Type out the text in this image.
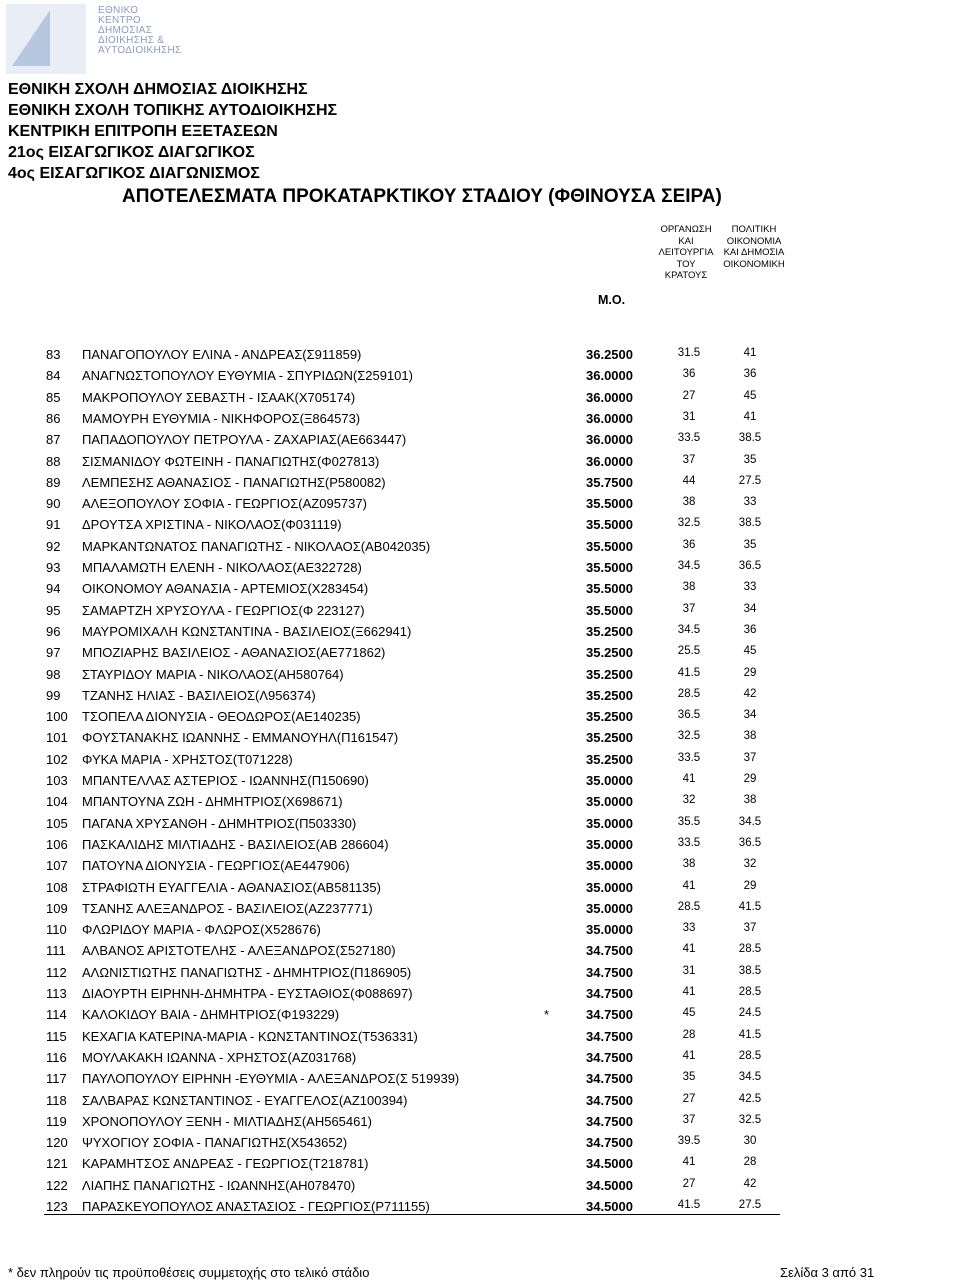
ΕΘΝΙΚΟ
ΚΕΝΤΡΟ
ΔΗΜΟΣΙΑΣ
ΔΙΟΙΚΗΣΗΣ &
ΑΥΤΟΔΙΟΙΚΗΣΗΣ
ΕΘΝΙΚΗ ΣΧΟΛΗ ΔΗΜΟΣΙΑΣ ΔΙΟΙΚΗΣΗΣ
ΕΘΝΙΚΗ ΣΧΟΛΗ ΤΟΠΙΚΗΣ ΑΥΤΟΔΙΟΙΚΗΣΗΣ
ΚΕΝΤΡΙΚΗ ΕΠΙΤΡΟΠΗ ΕΞΕΤΑΣΕΩΝ
21ος ΕΙΣΑΓΩΓΙΚΟΣ ΔΙΑΓΩΓΙΚΟΣ
4ος ΕΙΣΑΓΩΓΙΚΟΣ ΔΙΑΓΩΝΙΣΜΟΣ
ΑΠΟΤΕΛΕΣΜΑΤΑ ΠΡΟΚΑΤΑΡΚΤΙΚΟΥ ΣΤΑΔΙΟΥ (ΦΘΙΝΟΥΣΑ ΣΕΙΡΑ)
ΟΡΓΑΝΩΣΗ ΚΑΙ
ΛΕΙΤΟΥΡΓΙΑ
ΤΟΥ ΚΡΑΤΟΥΣ
ΠΟΛΙΤΙΚΗ
ΟΙΚΟΝΟΜΙΑ
ΚΑΙ ΔΗΜΟΣΙΑ
ΟΙΚΟΝΟΜΙΚΗ
Μ.Ο.
83 ΠΑΝΑΓΟΠΟΥΛΟΥ ΕΛΙΝΑ - ΑΝΔΡΕΑΣ(Σ911859)	36.2500	31.5	41
84 ΑΝΑΓΝΩΣΤΟΠΟΥΛΟΥ ΕΥΘΥΜΙΑ - ΣΠΥΡΙΔΩΝ(Σ259101)	36.0000	36	36
85 ΜΑΚΡΟΠΟΥΛΟΥ ΣΕΒΑΣΤΗ - ΙΣΑΑΚ(Χ705174)	36.0000	27	45
86 ΜΑΜΟΥΡΗ ΕΥΘΥΜΙΑ - ΝΙΚΗΦΟΡΟΣ(Ξ864573)	36.0000	31	41
87 ΠΑΠΑΔΟΠΟΥΛΟΥ ΠΕΤΡΟΥΛΑ - ΖΑΧΑΡΙΑΣ(ΑΕ663447)	36.0000	33.5	38.5
88 ΣΙΣΜΑΝΙΔΟΥ ΦΩΤΕΙΝΗ - ΠΑΝΑΓΙΩΤΗΣ(Φ027813)	36.0000	37	35
89 ΛΕΜΠΕΣΗΣ ΑΘΑΝΑΣΙΟΣ - ΠΑΝΑΓΙΩΤΗΣ(Ρ580082)	35.7500	44	27.5
90 ΑΛΕΞΟΠΟΥΛΟΥ ΣΟΦΙΑ - ΓΕΩΡΓΙΟΣ(ΑΖ095737)	35.5000	38	33
91 ΔΡΟΥΤΣΑ ΧΡΙΣΤΙΝΑ - ΝΙΚΟΛΑΟΣ(Φ031119)	35.5000	32.5	38.5
92 ΜΑΡΚΑΝΤΩΝΑΤΟΣ ΠΑΝΑΓΙΩΤΗΣ - ΝΙΚΟΛΑΟΣ(ΑΒ042035)	35.5000	36	35
93 ΜΠΑΛΑΜΩΤΗ ΕΛΕΝΗ - ΝΙΚΟΛΑΟΣ(ΑΕ322728)	35.5000	34.5	36.5
94 ΟΙΚΟΝΟΜΟΥ ΑΘΑΝΑΣΙΑ - ΑΡΤΕΜΙΟΣ(Χ283454)	35.5000	38	33
95 ΣΑΜΑΡΤΖΗ ΧΡΥΣΟΥΛΑ - ΓΕΩΡΓΙΟΣ(Φ 223127)	35.5000	37	34
96 ΜΑΥΡΟΜΙΧΑΛΗ ΚΩΝΣΤΑΝΤΙΝΑ - ΒΑΣΙΛΕΙΟΣ(Ξ662941)	35.2500	34.5	36
97 ΜΠΟΖΙΑΡΗΣ ΒΑΣΙΛΕΙΟΣ - ΑΘΑΝΑΣΙΟΣ(ΑΕ771862)	35.2500	25.5	45
98 ΣΤΑΥΡΙΔΟΥ ΜΑΡΙΑ - ΝΙΚΟΛΑΟΣ(ΑΗ580764)	35.2500	41.5	29
99 ΤΖΑΝΗΣ ΗΛΙΑΣ - ΒΑΣΙΛΕΙΟΣ(Λ956374)	35.2500	28.5	42
100 ΤΣΟΠΕΛΑ ΔΙΟΝΥΣΙΑ - ΘΕΟΔΩΡΟΣ(ΑΕ140235)	35.2500	36.5	34
101 ΦΟΥΣΤΑΝΑΚΗΣ ΙΩΑΝΝΗΣ - ΕΜΜΑΝΟΥΗΛ(Π161547)	35.2500	32.5	38
102 ΦΥΚΑ ΜΑΡΙΑ - ΧΡΗΣΤΟΣ(Τ071228)	35.2500	33.5	37
103 ΜΠΑΝΤΕΛΛΑΣ ΑΣΤΕΡΙΟΣ - ΙΩΑΝΝΗΣ(Π150690)	35.0000	41	29
104 ΜΠΑΝΤΟΥΝΑ ΖΩΗ - ΔΗΜΗΤΡΙΟΣ(Χ698671)	35.0000	32	38
105 ΠΑΓΑΝΑ ΧΡΥΣΑΝΘΗ - ΔΗΜΗΤΡΙΟΣ(Π503330)	35.0000	35.5	34.5
106 ΠΑΣΚΑΛΙΔΗΣ ΜΙΛΤΙΑΔΗΣ - ΒΑΣΙΛΕΙΟΣ(ΑΒ 286604)	35.0000	33.5	36.5
107 ΠΑΤΟΥΝΑ ΔΙΟΝΥΣΙΑ - ΓΕΩΡΓΙΟΣ(ΑΕ447906)	35.0000	38	32
108 ΣΤΡΑΦΙΩΤΗ ΕΥΑΓΓΕΛΙΑ - ΑΘΑΝΑΣΙΟΣ(ΑΒ581135)	35.0000	41	29
109 ΤΣΑΝΗΣ ΑΛΕΞΑΝΔΡΟΣ - ΒΑΣΙΛΕΙΟΣ(ΑΖ237771)	35.0000	28.5	41.5
110 ΦΛΩΡΙΔΟΥ ΜΑΡΙΑ - ΦΛΩΡΟΣ(Χ528676)	35.0000	33	37
111 ΑΛΒΑΝΟΣ ΑΡΙΣΤΟΤΕΛΗΣ - ΑΛΕΞΑΝΔΡΟΣ(Σ527180)	34.7500	41	28.5
112 ΑΛΩΝΙΣΤΙΩΤΗΣ ΠΑΝΑΓΙΩΤΗΣ - ΔΗΜΗΤΡΙΟΣ(Π186905)	34.7500	31	38.5
113 ΔΙΑΟΥΡΤΗ ΕΙΡΗΝΗ-ΔΗΜΗΤΡΑ - ΕΥΣΤΑΘΙΟΣ(Φ088697)	34.7500	41	28.5
114 ΚΑΛΟΚΙΔΟΥ ΒΑΙΑ - ΔΗΜΗΤΡΙΟΣ(Φ193229)	*	34.7500	45	24.5
115 ΚΕΧΑΓΙΑ ΚΑΤΕΡΙΝΑ-ΜΑΡΙΑ - ΚΩΝΣΤΑΝΤΙΝΟΣ(Τ536331)	34.7500	28	41.5
116 ΜΟΥΛΑΚΑΚΗ ΙΩΑΝΝΑ - ΧΡΗΣΤΟΣ(ΑΖ031768)	34.7500	41	28.5
117 ΠΑΥΛΟΠΟΥΛΟΥ ΕΙΡΗΝΗ -ΕΥΘΥΜΙΑ - ΑΛΕΞΑΝΔΡΟΣ(Σ 519939)	34.7500	35	34.5
118 ΣΑΛΒΑΡΑΣ ΚΩΝΣΤΑΝΤΙΝΟΣ - ΕΥΑΓΓΕΛΟΣ(ΑΖ100394)	34.7500	27	42.5
119 ΧΡΟΝΟΠΟΥΛΟΥ ΞΕΝΗ - ΜΙΛΤΙΑΔΗΣ(ΑΗ565461)	34.7500	37	32.5
120 ΨΥΧΟΓΙΟΥ ΣΟΦΙΑ - ΠΑΝΑΓΙΩΤΗΣ(Χ543652)	34.7500	39.5	30
121 ΚΑΡΑΜΗΤΣΟΣ ΑΝΔΡΕΑΣ - ΓΕΩΡΓΙΟΣ(Τ218781)	34.5000	41	28
122 ΛΙΑΠΗΣ ΠΑΝΑΓΙΩΤΗΣ - ΙΩΑΝΝΗΣ(ΑΗ078470)	34.5000	27	42
123 ΠΑΡΑΣΚΕΥΟΠΟΥΛΟΣ ΑΝΑΣΤΑΣΙΟΣ - ΓΕΩΡΓΙΟΣ(Ρ711155)	34.5000	41.5	27.5
* δεν πληρούν τις προϋποθέσεις συμμετοχής στο τελικό στάδιο	Σελίδα 3 από 31
